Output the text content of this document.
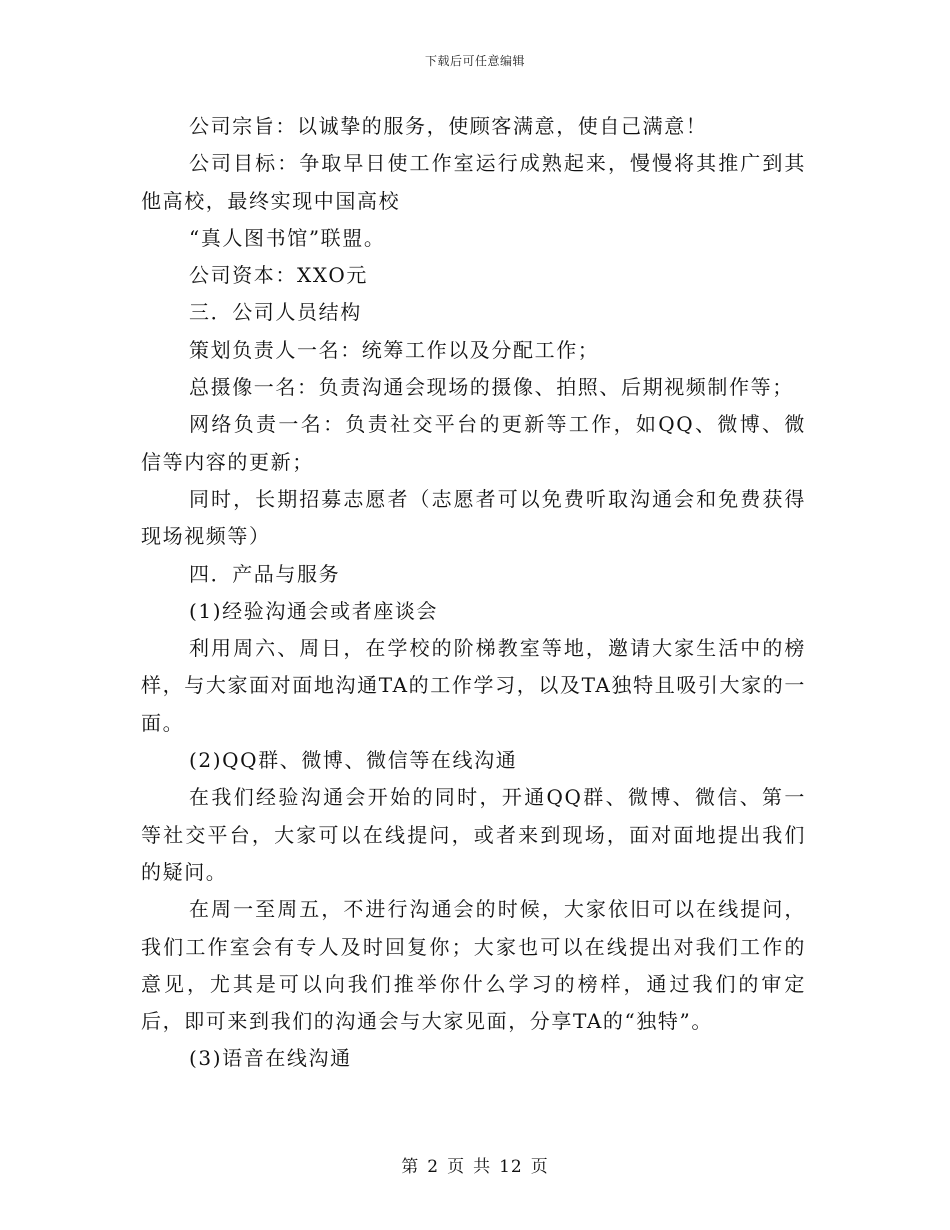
下载后可任意编辑

公司宗旨：以诚挚的服务，使顾客满意，使自己满意！

公司目标：争取早日使工作室运行成熟起来，慢慢将其推广到其他高校，最终实现中国高校

“真人图书馆”联盟。

公司资本：XXO元

三．公司人员结构

策划负责人一名：统筹工作以及分配工作；

总摄像一名：负责沟通会现场的摄像、拍照、后期视频制作等；

网络负责一名：负责社交平台的更新等工作，如QQ、微博、微信等内容的更新；

同时，长期招募志愿者（志愿者可以免费听取沟通会和免费获得现场视频等）

四．产品与服务

(1)经验沟通会或者座谈会

利用周六、周日，在学校的阶梯教室等地，邀请大家生活中的榜样，与大家面对面地沟通TA的工作学习，以及TA独特且吸引大家的一面。

(2)QQ群、微博、微信等在线沟通

在我们经验沟通会开始的同时，开通QQ群、微博、微信、第一等社交平台，大家可以在线提问，或者来到现场，面对面地提出我们的疑问。

在周一至周五，不进行沟通会的时候，大家依旧可以在线提问，我们工作室会有专人及时回复你；大家也可以在线提出对我们工作的意见，尤其是可以向我们推举你什么学习的榜样，通过我们的审定后，即可来到我们的沟通会与大家见面，分享TA的“独特”。

(3)语音在线沟通

第 2 页 共 12 页
